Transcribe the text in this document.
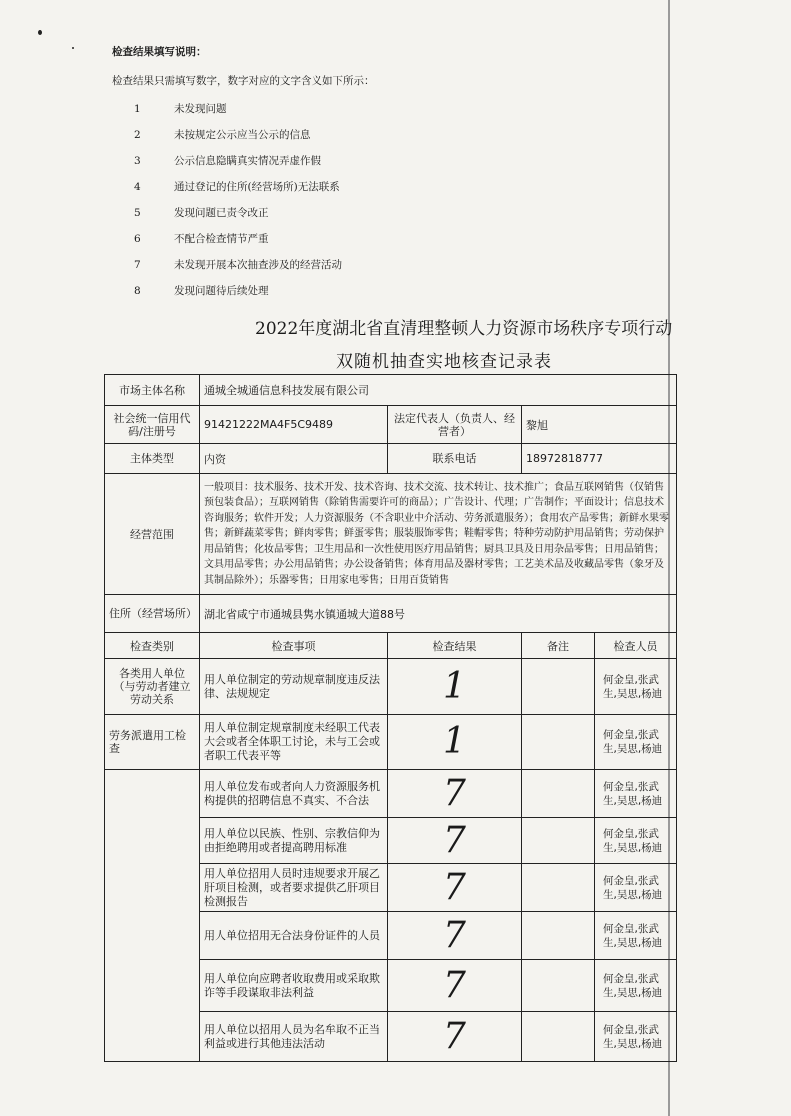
检查结果填写说明：
检查结果只需填写数字，数字对应的文字含义如下所示：
1	未发现问题
2	未按规定公示应当公示的信息
3	公示信息隐瞒真实情况弄虚作假
4	通过登记的住所(经营场所)无法联系
5	发现问题已责令改正
6	不配合检查情节严重
7	未发现开展本次抽查涉及的经营活动
8	发现问题待后续处理
2022年度湖北省直清理整顿人力资源市场秩序专项行动
双随机抽查实地核查记录表
市场主体名称	通城全城通信息科技发展有限公司			
社会统一信用代码/注册号	91421222MA4F5C9489	法定代表人（负责人、经营者）	黎旭	
主体类型	内资	联系电话	18972818777	
经营范围	一般项目：技术服务、技术开发、技术咨询、技术交流、技术转让、技术推广；食品互联网销售（仅销售预包装食品）；互联网销售（除销售需要许可的商品）；广告设计、代理；广告制作；平面设计；信息技术咨询服务；软件开发；人力资源服务（不含职业中介活动、劳务派遣服务）；食用农产品零售；新鲜水果零售；新鲜蔬菜零售；鲜肉零售；鲜蛋零售；服装服饰零售；鞋帽零售；特种劳动防护用品销售；劳动保护用品销售；化妆品零售；卫生用品和一次性使用医疗用品销售；厨具卫具及日用杂品零售；日用品销售；文具用品零售；办公用品销售；办公设备销售；体育用品及器材零售；工艺美术品及收藏品零售（象牙及其制品除外）；乐器零售；日用家电零售；日用百货销售			
住所（经营场所）	湖北省咸宁市通城县隽水镇通城大道88号			
检查类别	检查事项	检查结果	备注	检查人员
各类用人单位（与劳动者建立劳动关系	用人单位制定的劳动规章制度违反法律、法规规定	1		何金皇,张武生,吴思,杨迪
劳务派遣用工检查	用人单位制定规章制度未经职工代表大会或者全体职工讨论，未与工会或者职工代表平等	1		何金皇,张武生,吴思,杨迪
	用人单位发布或者向人力资源服务机构提供的招聘信息不真实、不合法	7		何金皇,张武生,吴思,杨迪
	用人单位以民族、性别、宗教信仰为由拒绝聘用或者提高聘用标准	7		何金皇,张武生,吴思,杨迪
	用人单位招用人员时违规要求开展乙肝项目检测，或者要求提供乙肝项目检测报告	7		何金皇,张武生,吴思,杨迪
	用人单位招用无合法身份证件的人员	7		何金皇,张武生,吴思,杨迪
	用人单位向应聘者收取费用或采取欺诈等手段谋取非法利益	7		何金皇,张武生,吴思,杨迪
	用人单位以招用人员为名牟取不正当利益或进行其他违法活动	7		何金皇,张武生,吴思,杨迪
